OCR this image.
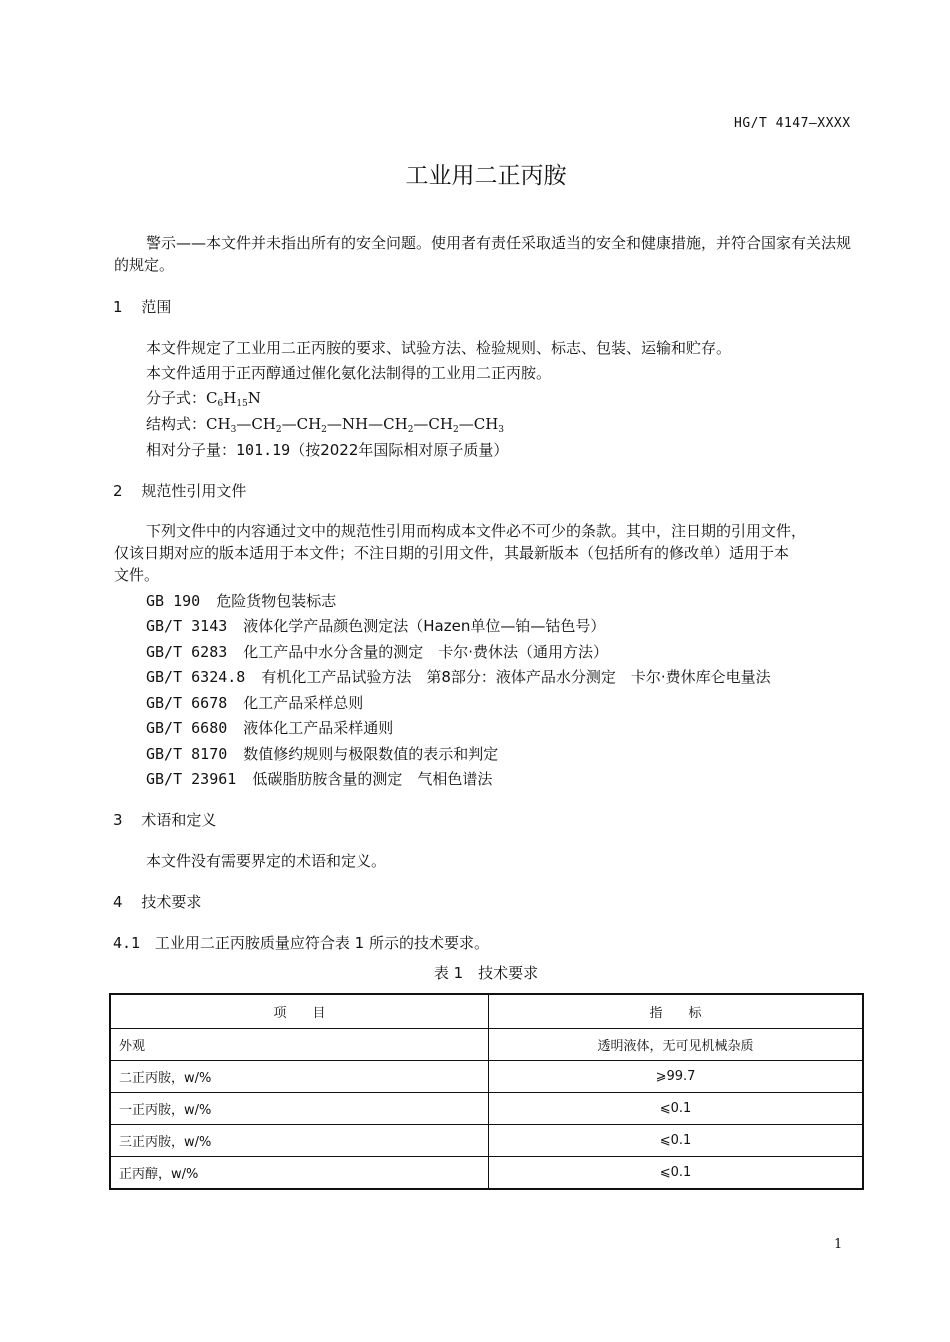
HG/T 4147—XXXX
工业用二正丙胺
警示——本文件并未指出所有的安全问题。使用者有责任采取适当的安全和健康措施，并符合国家有关法规的规定。
1 范围
本文件规定了工业用二正丙胺的要求、试验方法、检验规则、标志、包装、运输和贮存。
本文件适用于正丙醇通过催化氨化法制得的工业用二正丙胺。
分子式：$C_6H_{15}N$
结构式：$CH_3—CH_2—CH_2—NH—CH_2—CH_2—CH_3$
相对分子量：101.19（按2022年国际相对原子质量）
2 规范性引用文件
下列文件中的内容通过文中的规范性引用而构成本文件必不可少的条款。其中，注日期的引用文件，
仅该日期对应的版本适用于本文件；不注日期的引用文件，其最新版本（包括所有的修改单）适用于本
文件。
GB 190 危险货物包装标志
GB/T 3143 液体化学产品颜色测定法（Hazen单位—铂—钴色号）
GB/T 6283 化工产品中水分含量的测定　卡尔·费休法（通用方法）
GB/T 6324.8 有机化工产品试验方法　第8部分：液体产品水分测定　卡尔·费休库仑电量法
GB/T 6678 化工产品采样总则
GB/T 6680 液体化工产品采样通则
GB/T 8170 数值修约规则与极限数值的表示和判定
GB/T 23961 低碳脂肪胺含量的测定　气相色谱法
3 术语和定义
本文件没有需要界定的术语和定义。
4 技术要求
4.1 工业用二正丙胺质量应符合表 1 所示的技术要求。
表 1　技术要求
项　　目	指　　标
外观	透明液体，无可见机械杂质
二正丙胺，w/%	⩾99.7
一正丙胺，w/%	⩽0.1
三正丙胺，w/%	⩽0.1
正丙醇，w/%	⩽0.1
1
